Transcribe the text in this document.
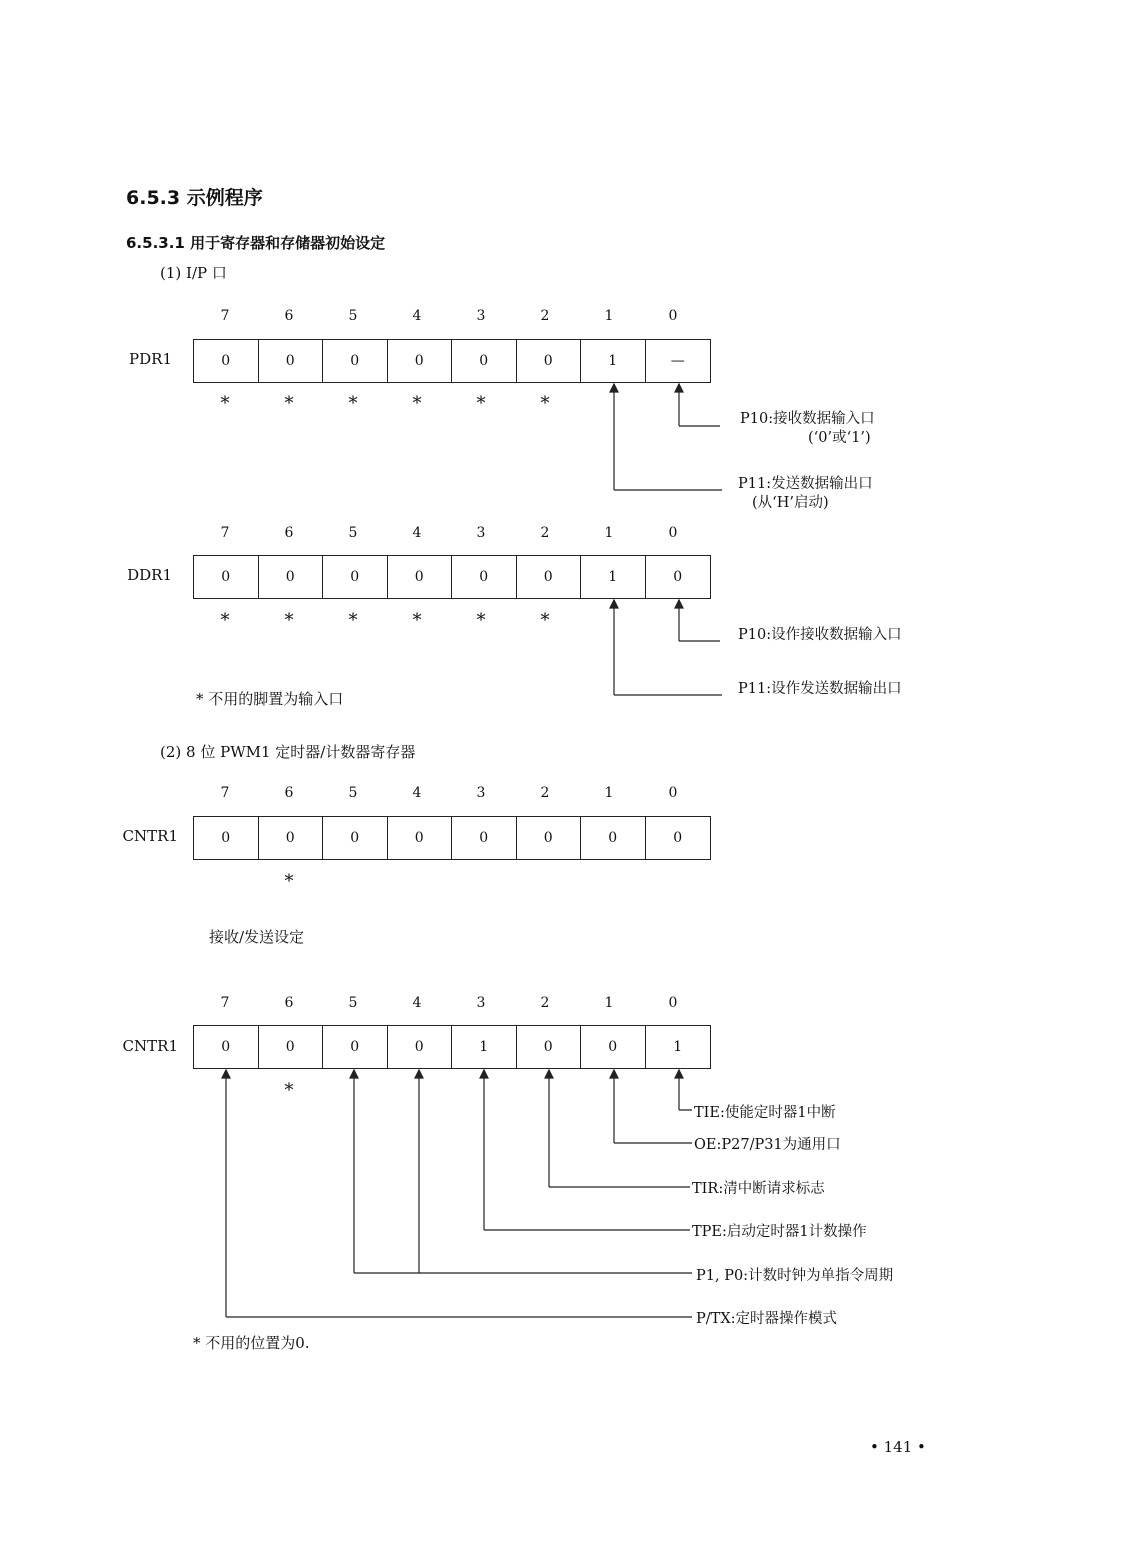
6.5.3 示例程序
6.5.3.1 用于寄存器和存储器初始设定
(1) I/P 口
7	6	5	4	3	2	1	0
PDR1	0	0	0	0	0	0	1	—
*	*	*	*	*	*
P10:接收数据输入口
(‘0’或‘1’)
P11:发送数据输出口
(从‘H’启动)
7	6	5	4	3	2	1	0
DDR1	0	0	0	0	0	0	1	0
*	*	*	*	*	*
P10:设作接收数据输入口
P11:设作发送数据输出口
* 不用的脚置为输入口
(2) 8 位 PWM1 定时器/计数器寄存器
7	6	5	4	3	2	1	0
CNTR1	0	0	0	0	0	0	0	0
*
接收/发送设定
7	6	5	4	3	2	1	0
CNTR1	0	0	0	0	1	0	0	1
*
TIE:使能定时器1中断
OE:P27/P31为通用口
TIR:清中断请求标志
TPE:启动定时器1计数操作
P1, P0:计数时钟为单指令周期
P/TX:定时器操作模式
* 不用的位置为0.
• 141 •
